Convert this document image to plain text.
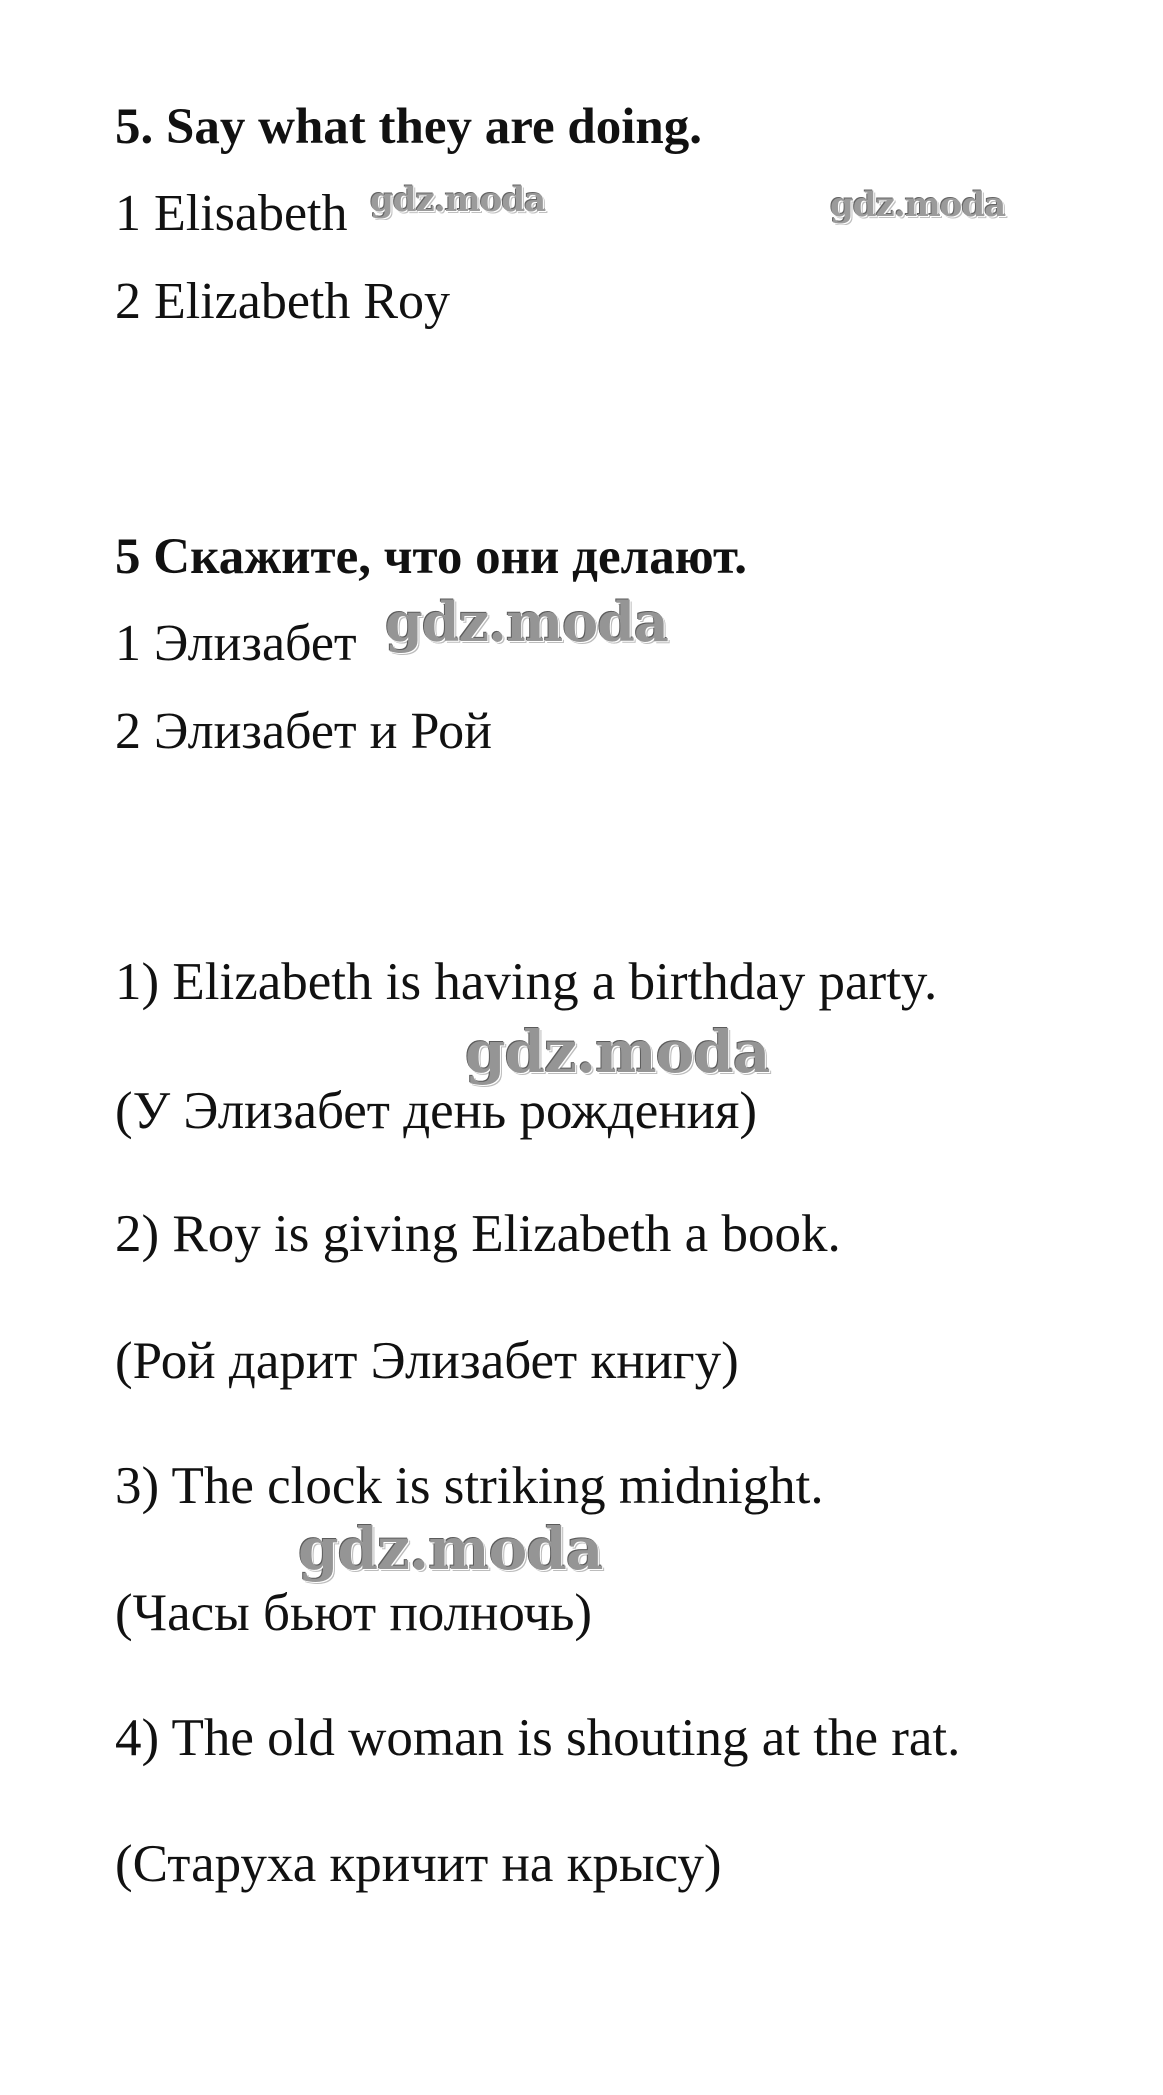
5. Say what they are doing.
1 Elisabeth
2 Elizabeth Roy
5 Скажите, что они делают.
1 Элизабет
2 Элизабет и Рой
1) Elizabeth is having a birthday party.
(У Элизабет день рождения)
2) Roy is giving Elizabeth a book.
(Рой дарит Элизабет книгу)
3) The clock is striking midnight.
(Часы бьют полночь)
4) The old woman is shouting at the rat.
(Старуха кричит на крысу)
gdz.moda	gdz.moda
gdz.moda
gdz.moda
gdz.moda
